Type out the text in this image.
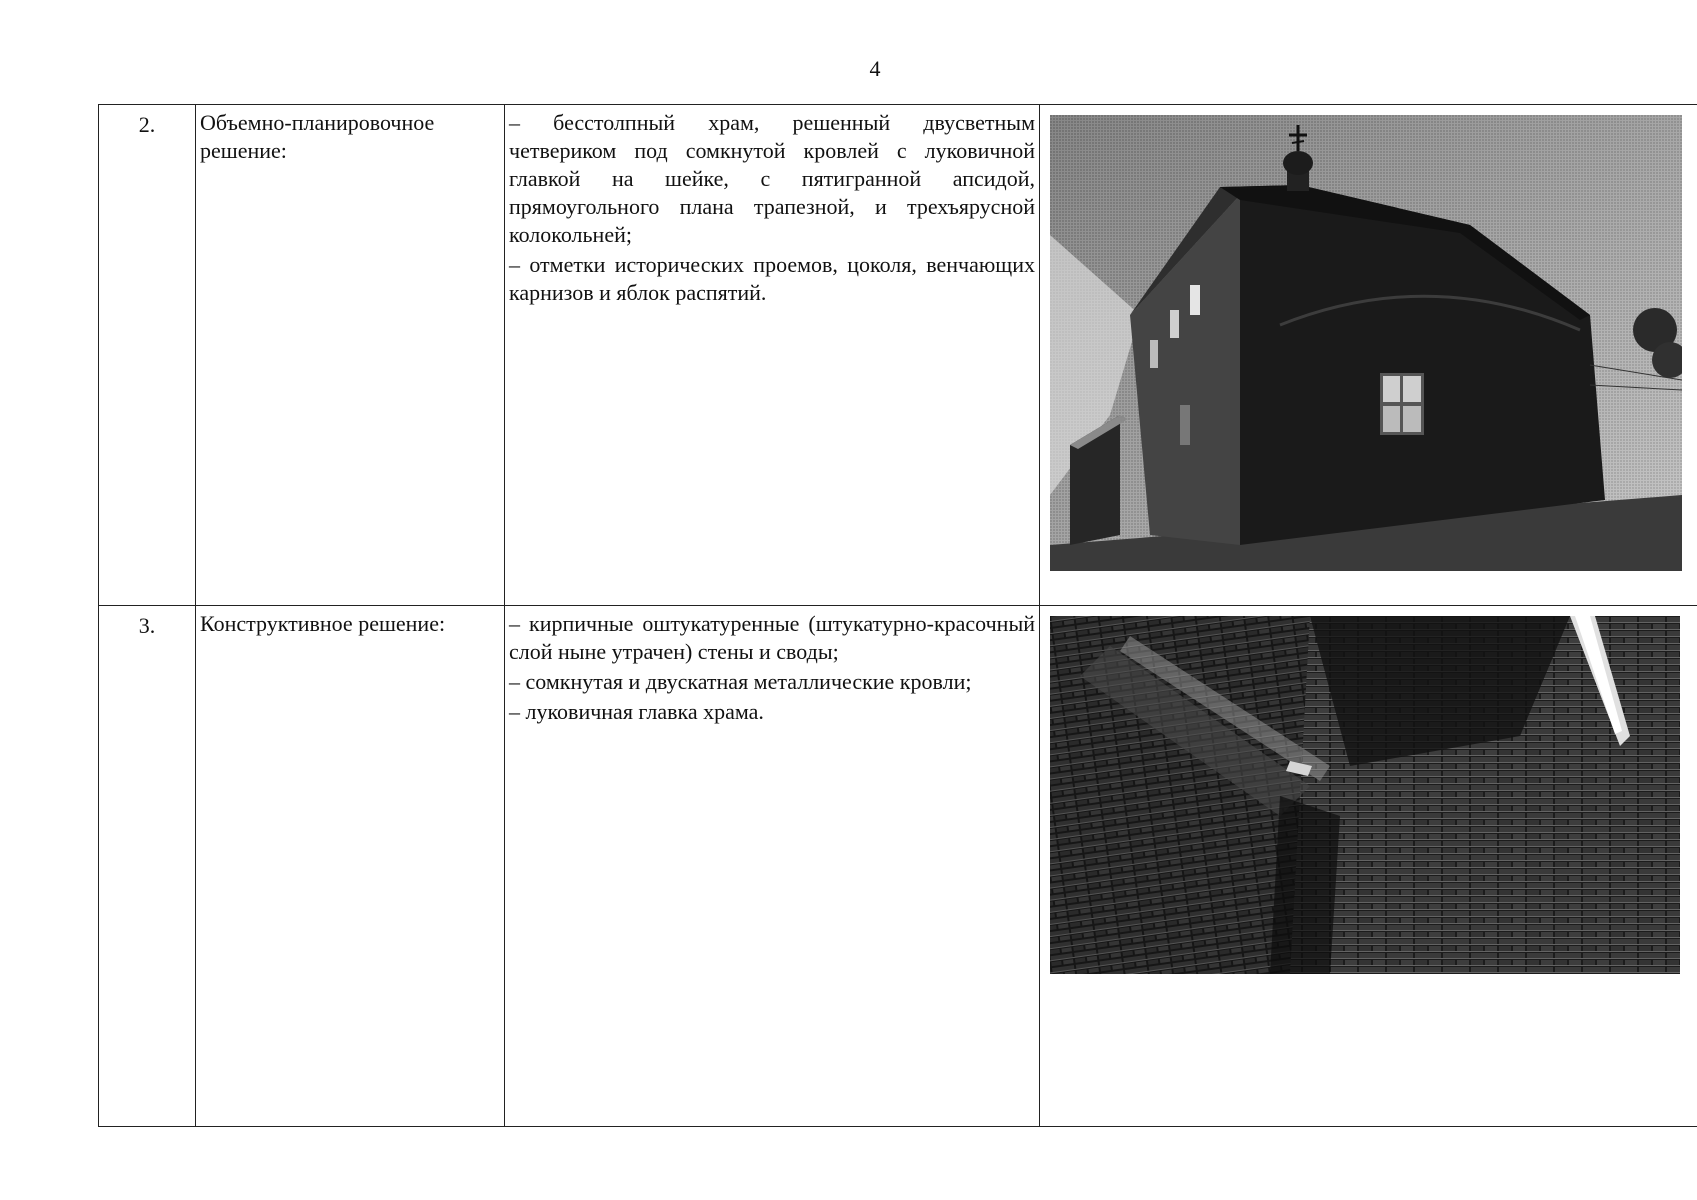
4
2.	Объемно-планировочное решение:	– бесстолпный храм, решенный двусветным четвериком под сомкнутой кровлей с луковичной главкой на шейке, с пятигранной апсидой, прямоугольного плана трапезной, и трехъярусной колокольней;
– отметки исторических проемов, цоколя, венчающих карнизов и яблок распятий.

3.	Конструктивное решение:	– кирпичные оштукатуренные (штукатурно-красочный слой ныне утрачен) стены и своды;
– сомкнутая и двускатная металлические кровли;
– луковичная главка храма.
